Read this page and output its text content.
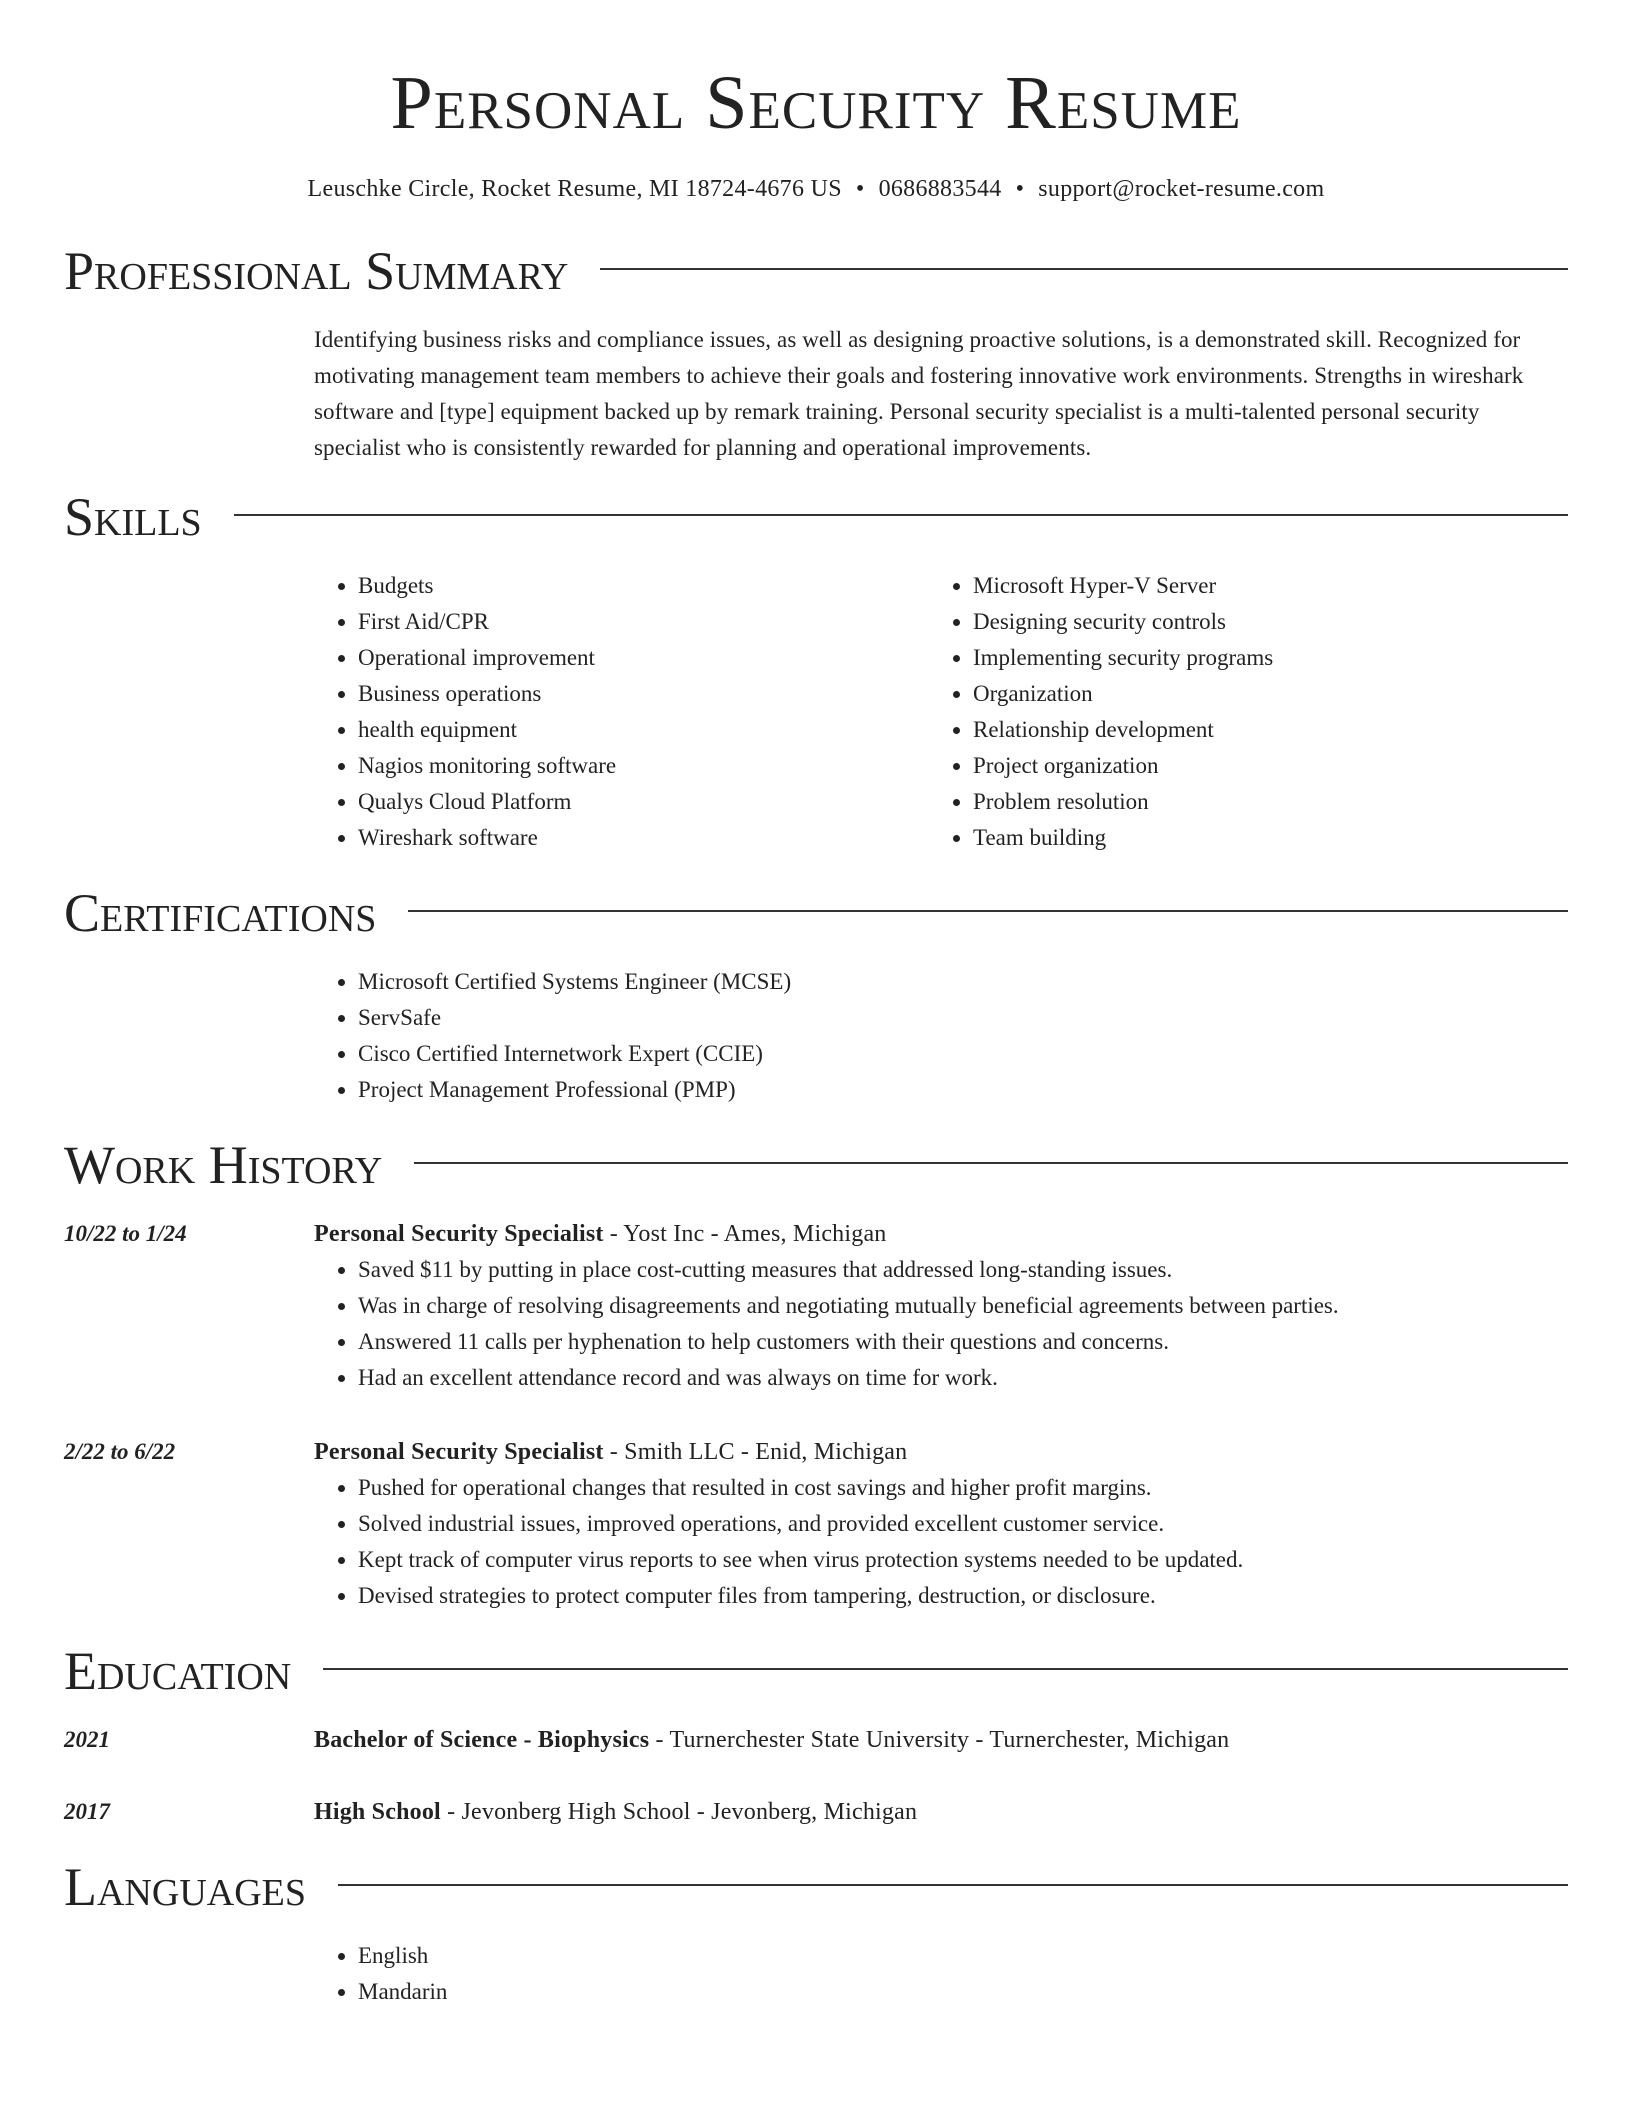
Personal Security Resume
Leuschke Circle, Rocket Resume, MI 18724-4676 US • 0686883544 • support@rocket-resume.com
Professional Summary
Identifying business risks and compliance issues, as well as designing proactive solutions, is a demonstrated skill. Recognized for motivating management team members to achieve their goals and fostering innovative work environments. Strengths in wireshark software and [type] equipment backed up by remark training. Personal security specialist is a multi-talented personal security specialist who is consistently rewarded for planning and operational improvements.
Skills
• Budgets
• First Aid/CPR
• Operational improvement
• Business operations
• health equipment
• Nagios monitoring software
• Qualys Cloud Platform
• Wireshark software
• Microsoft Hyper-V Server
• Designing security controls
• Implementing security programs
• Organization
• Relationship development
• Project organization
• Problem resolution
• Team building
Certifications
• Microsoft Certified Systems Engineer (MCSE)
• ServSafe
• Cisco Certified Internetwork Expert (CCIE)
• Project Management Professional (PMP)
Work History
10/22 to 1/24	Personal Security Specialist - Yost Inc - Ames, Michigan
• Saved $11 by putting in place cost-cutting measures that addressed long-standing issues.
• Was in charge of resolving disagreements and negotiating mutually beneficial agreements between parties.
• Answered 11 calls per hyphenation to help customers with their questions and concerns.
• Had an excellent attendance record and was always on time for work.
2/22 to 6/22	Personal Security Specialist - Smith LLC - Enid, Michigan
• Pushed for operational changes that resulted in cost savings and higher profit margins.
• Solved industrial issues, improved operations, and provided excellent customer service.
• Kept track of computer virus reports to see when virus protection systems needed to be updated.
• Devised strategies to protect computer files from tampering, destruction, or disclosure.
Education
2021	Bachelor of Science - Biophysics - Turnerchester State University - Turnerchester, Michigan
2017	High School - Jevonberg High School - Jevonberg, Michigan
Languages
• English
• Mandarin
